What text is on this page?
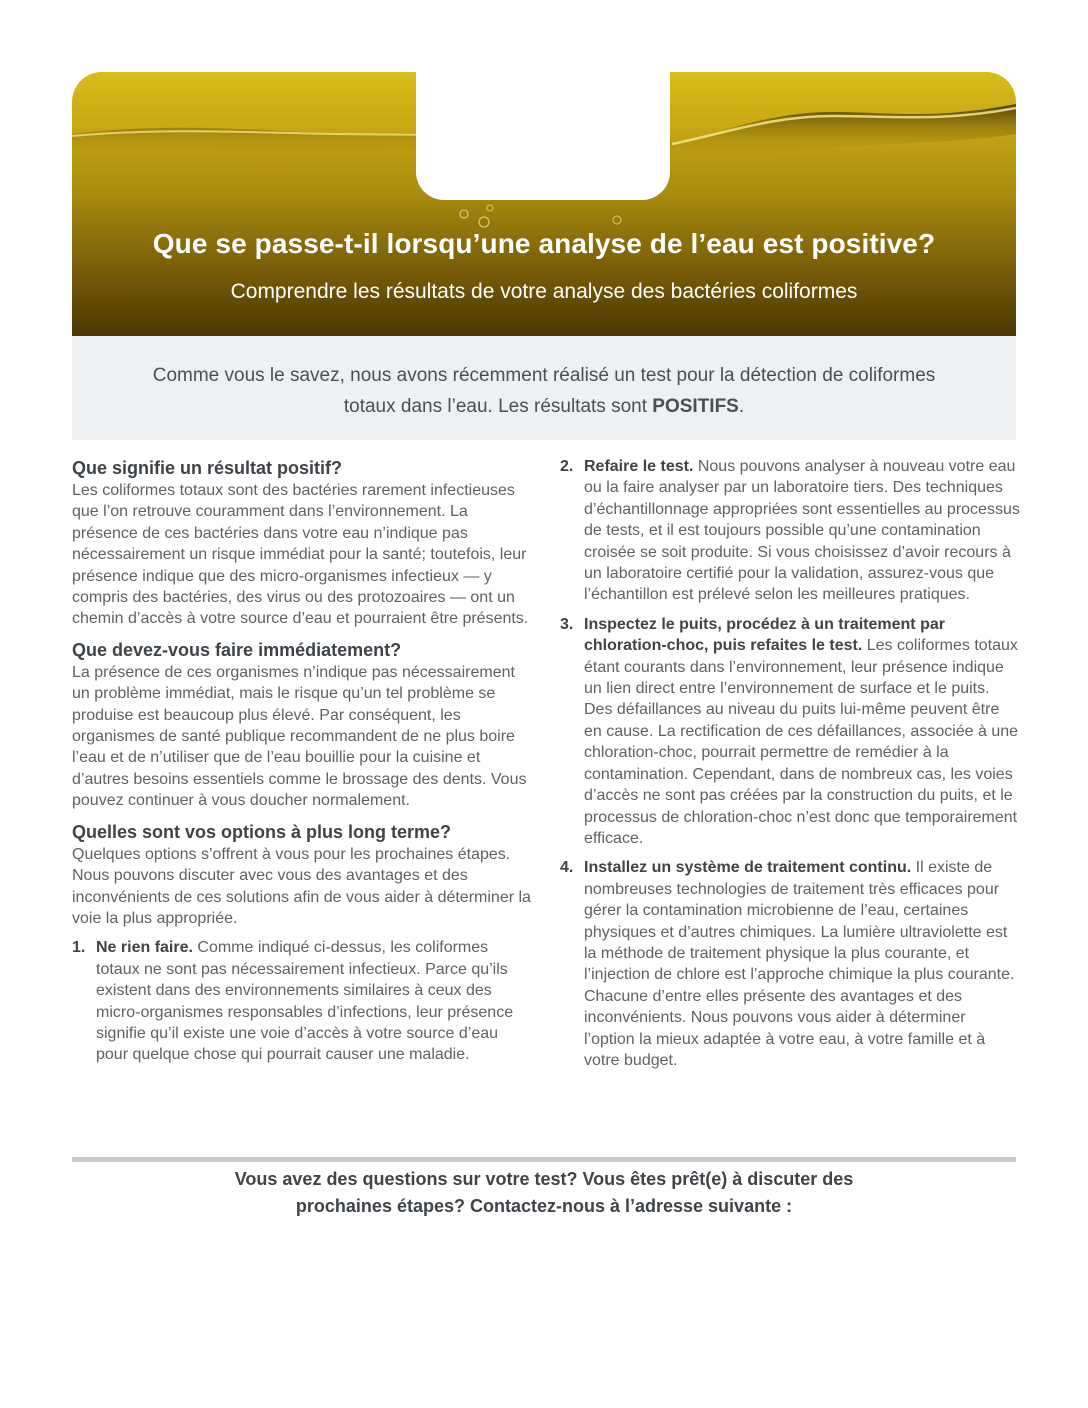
Que se passe-t-il lorsqu’une analyse de l’eau est positive?
Comprendre les résultats de votre analyse des bactéries coliformes
Comme vous le savez, nous avons récemment réalisé un test pour la détection de coliformes totaux dans l’eau. Les résultats sont POSITIFS.
Que signifie un résultat positif?

Les coliformes totaux sont des bactéries rarement infectieuses que l’on retrouve couramment dans l’environnement. La présence de ces bactéries dans votre eau n’indique pas nécessairement un risque immédiat pour la santé; toutefois, leur présence indique que des micro-organismes infectieux — y compris des bactéries, des virus ou des protozoaires — ont un chemin d’accès à votre source d’eau et pourraient être présents.

Que devez-vous faire immédiatement?

La présence de ces organismes n’indique pas nécessairement un problème immédiat, mais le risque qu’un tel problème se produise est beaucoup plus élevé. Par conséquent, les organismes de santé publique recommandent de ne plus boire l’eau et de n’utiliser que de l’eau bouillie pour la cuisine et d’autres besoins essentiels comme le brossage des dents. Vous pouvez continuer à vous doucher normalement.

Quelles sont vos options à plus long terme?

Quelques options s’offrent à vous pour les prochaines étapes. Nous pouvons discuter avec vous des avantages et des inconvénients de ces solutions afin de vous aider à déterminer la voie la plus appropriée.

1. Ne rien faire. Comme indiqué ci-dessus, les coliformes totaux ne sont pas nécessairement infectieux. Parce qu’ils existent dans des environnements similaires à ceux des micro-organismes responsables d’infections, leur présence signifie qu’il existe une voie d’accès à votre source d’eau pour quelque chose qui pourrait causer une maladie.
2. Refaire le test. Nous pouvons analyser à nouveau votre eau ou la faire analyser par un laboratoire tiers. Des techniques d’échantillonnage appropriées sont essentielles au processus de tests, et il est toujours possible qu’une contamination croisée se soit produite. Si vous choisissez d’avoir recours à un laboratoire certifié pour la validation, assurez-vous que l’échantillon est prélevé selon les meilleures pratiques.
3. Inspectez le puits, procédez à un traitement par chloration-choc, puis refaites le test. Les coliformes totaux étant courants dans l’environnement, leur présence indique un lien direct entre l’environnement de surface et le puits. Des défaillances au niveau du puits lui-même peuvent être en cause. La rectification de ces défaillances, associée à une chloration-choc, pourrait permettre de remédier à la contamination. Cependant, dans de nombreux cas, les voies d’accès ne sont pas créées par la construction du puits, et le processus de chloration-choc n’est donc que temporairement efficace.
4. Installez un système de traitement continu. Il existe de nombreuses technologies de traitement très efficaces pour gérer la contamination microbienne de l’eau, certaines physiques et d’autres chimiques. La lumière ultraviolette est la méthode de traitement physique la plus courante, et l’injection de chlore est l’approche chimique la plus courante. Chacune d’entre elles présente des avantages et des inconvénients. Nous pouvons vous aider à déterminer l’option la mieux adaptée à votre eau, à votre famille et à votre budget.
Vous avez des questions sur votre test? Vous êtes prêt(e) à discuter des
prochaines étapes? Contactez-nous à l’adresse suivante :
